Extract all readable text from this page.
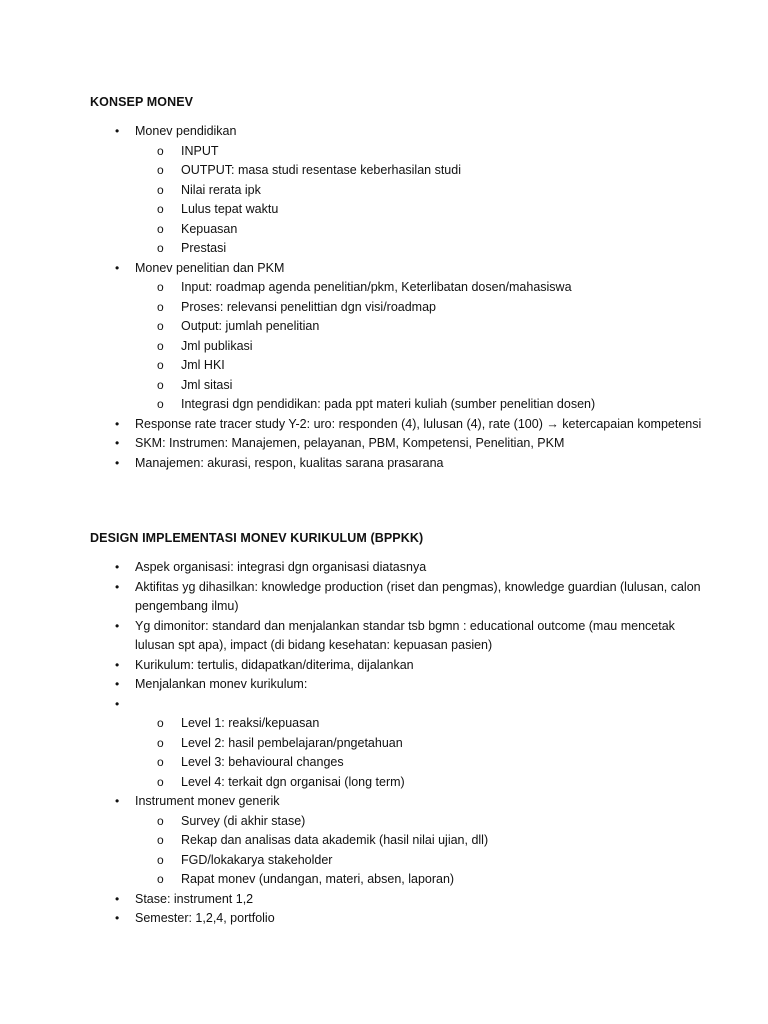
KONSEP MONEV
• Monev pendidikan
o INPUT
o OUTPUT: masa studi resentase keberhasilan studi
o Nilai rerata ipk
o Lulus tepat waktu
o Kepuasan
o Prestasi
• Monev penelitian dan PKM
o Input: roadmap agenda penelitian/pkm, Keterlibatan dosen/mahasiswa
o Proses: relevansi penelittian dgn visi/roadmap
o Output: jumlah penelitian
o Jml publikasi
o Jml HKI
o Jml sitasi
o Integrasi dgn pendidikan: pada ppt materi kuliah (sumber penelitian dosen)
• Response rate tracer study Y-2: uro: responden (4), lulusan (4), rate (100) → ketercapaian kompetensi
• SKM: Instrumen: Manajemen, pelayanan, PBM, Kompetensi, Penelitian, PKM
• Manajemen: akurasi, respon, kualitas sarana prasarana
DESIGN IMPLEMENTASI MONEV KURIKULUM (BPPKK)
• Aspek organisasi: integrasi dgn organisasi diatasnya
• Aktifitas yg dihasilkan: knowledge production (riset dan pengmas), knowledge guardian (lulusan, calon pengembang ilmu)
• Yg dimonitor: standard dan menjalankan standar tsb bgmn : educational outcome (mau mencetak lulusan spt apa), impact (di bidang kesehatan: kepuasan pasien)
• Kurikulum: tertulis, didapatkan/diterima, dijalankan
• Menjalankan monev kurikulum:
•
o Level 1: reaksi/kepuasan
o Level 2: hasil pembelajaran/pngetahuan
o Level 3: behavioural changes
o Level 4: terkait dgn organisai (long term)
• Instrument monev generik
o Survey (di akhir stase)
o Rekap dan analisas data akademik (hasil nilai ujian, dll)
o FGD/lokakarya stakeholder
o Rapat monev (undangan, materi, absen, laporan)
• Stase: instrument 1,2
• Semester: 1,2,4, portfolio
